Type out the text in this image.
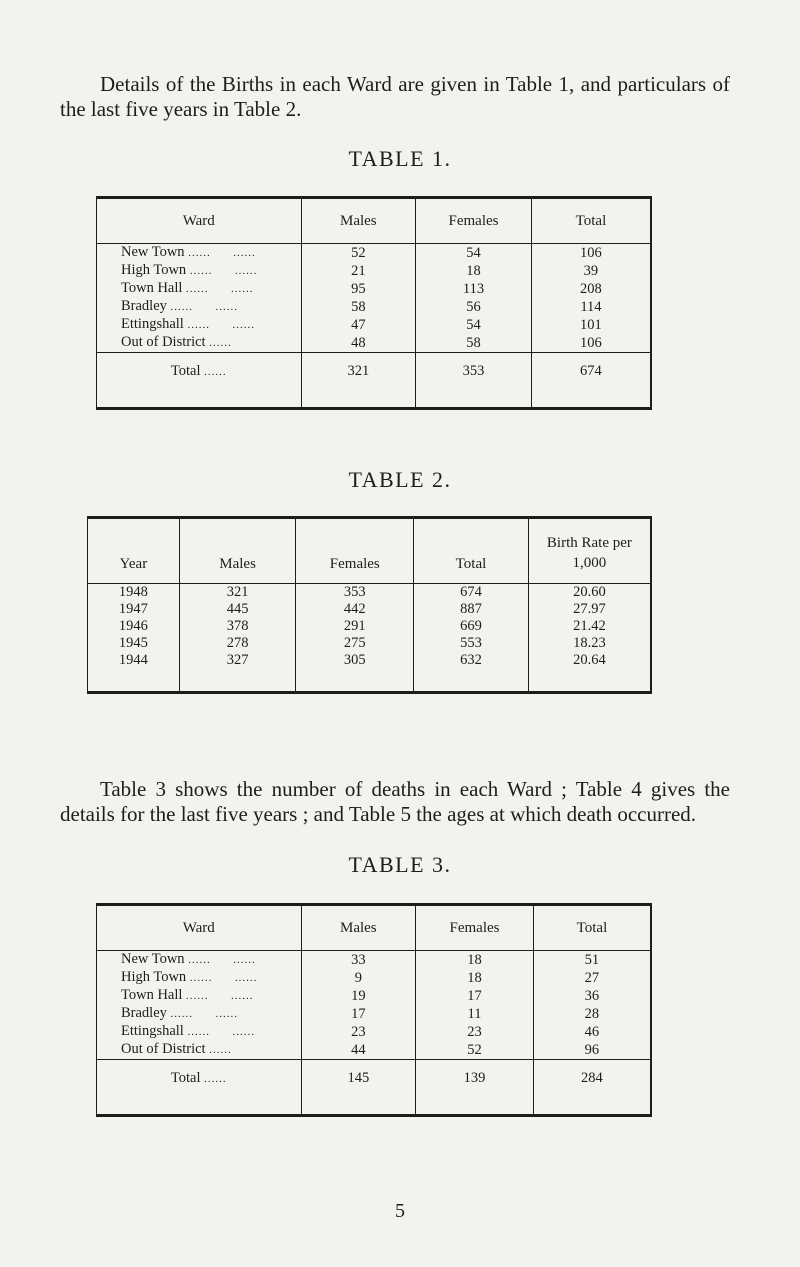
Details of the Births in each Ward are given in Table 1, and particulars of the last five years in Table 2.

TABLE 1.

Ward	Males	Females	Total
New Town ......      ......	52	54	106
High Town ......      ......	21	18	39
Town Hall ......      ......	95	113	208
Bradley ......      ......	58	56	114
Ettingshall ......      ......	47	54	101
Out of District ......	48	58	106
Total ......	321	353	674

TABLE 2.

Year	Males	Females	Total	Birth Rate per 1,000
1948	321	353	674	20.60
1947	445	442	887	27.97
1946	378	291	669	21.42
1945	278	275	553	18.23
1944	327	305	632	20.64

Table 3 shows the number of deaths in each Ward ; Table 4 gives the details for the last five years ; and Table 5 the ages at which death occurred.

TABLE 3.

Ward	Males	Females	Total
New Town ......      ......	33	18	51
High Town ......      ......	9	18	27
Town Hall ......      ......	19	17	36
Bradley ......      ......	17	11	28
Ettingshall ......      ......	23	23	46
Out of District ......	44	52	96
Total ......	145	139	284

5
